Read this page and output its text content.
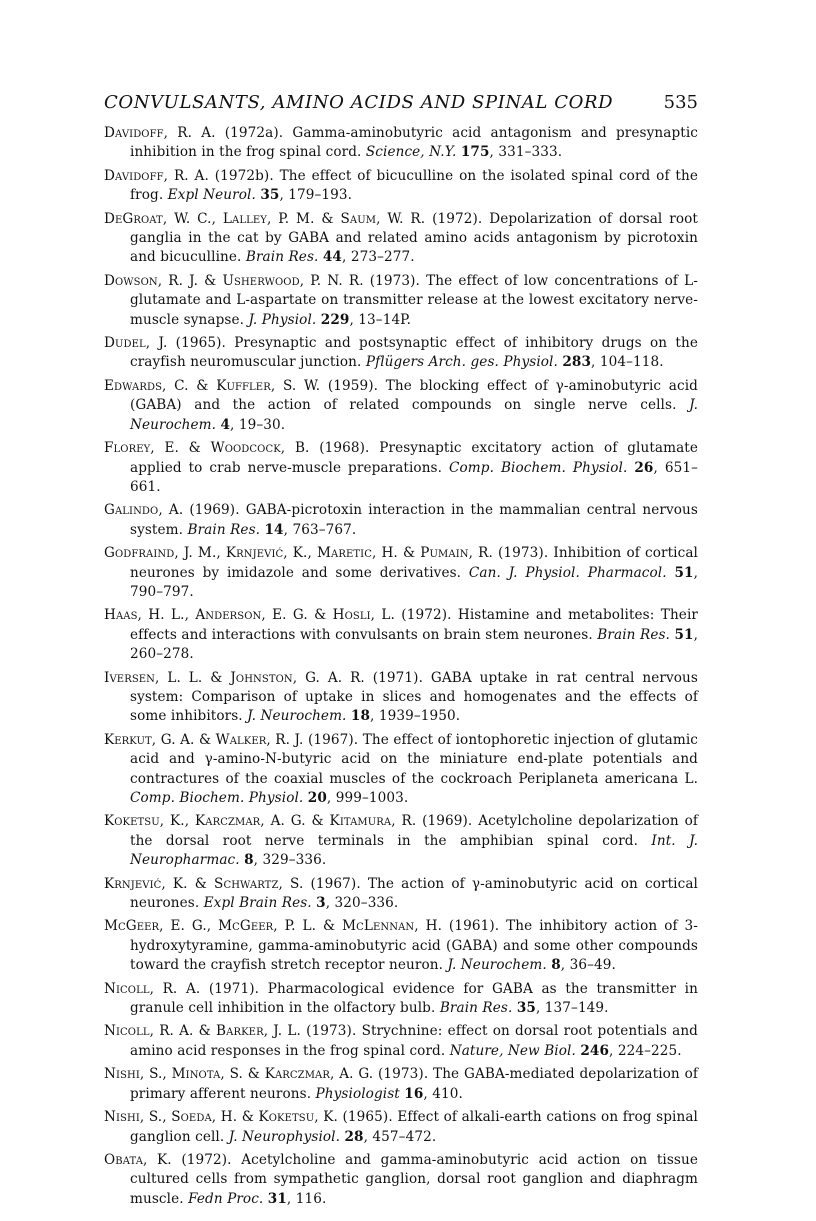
CONVULSANTS, AMINO ACIDS AND SPINAL CORD	535
Davidoff, R. A. (1972a). Gamma-aminobutyric acid antagonism and presynaptic inhibition in the frog spinal cord. Science, N.Y. 175, 331–333.
Davidoff, R. A. (1972b). The effect of bicuculline on the isolated spinal cord of the frog. Expl Neurol. 35, 179–193.
DeGroat, W. C., Lalley, P. M. & Saum, W. R. (1972). Depolarization of dorsal root ganglia in the cat by GABA and related amino acids antagonism by picrotoxin and bicuculline. Brain Res. 44, 273–277.
Dowson, R. J. & Usherwood, P. N. R. (1973). The effect of low concentrations of L-glutamate and L-aspartate on transmitter release at the lowest excitatory nerve-muscle synapse. J. Physiol. 229, 13–14P.
Dudel, J. (1965). Presynaptic and postsynaptic effect of inhibitory drugs on the crayfish neuromuscular junction. Pflügers Arch. ges. Physiol. 283, 104–118.
Edwards, C. & Kuffler, S. W. (1959). The blocking effect of γ-aminobutyric acid (GABA) and the action of related compounds on single nerve cells. J. Neurochem. 4, 19–30.
Florey, E. & Woodcock, B. (1968). Presynaptic excitatory action of glutamate applied to crab nerve-muscle preparations. Comp. Biochem. Physiol. 26, 651–661.
Galindo, A. (1969). GABA-picrotoxin interaction in the mammalian central nervous system. Brain Res. 14, 763–767.
Godfraind, J. M., Krnjević, K., Maretic, H. & Pumain, R. (1973). Inhibition of cortical neurones by imidazole and some derivatives. Can. J. Physiol. Pharmacol. 51, 790–797.
Haas, H. L., Anderson, E. G. & Hosli, L. (1972). Histamine and metabolites: Their effects and interactions with convulsants on brain stem neurones. Brain Res. 51, 260–278.
Iversen, L. L. & Johnston, G. A. R. (1971). GABA uptake in rat central nervous system: Comparison of uptake in slices and homogenates and the effects of some inhibitors. J. Neurochem. 18, 1939–1950.
Kerkut, G. A. & Walker, R. J. (1967). The effect of iontophoretic injection of glutamic acid and γ-amino-N-butyric acid on the miniature end-plate potentials and contractures of the coaxial muscles of the cockroach Periplaneta americana L. Comp. Biochem. Physiol. 20, 999–1003.
Koketsu, K., Karczmar, A. G. & Kitamura, R. (1969). Acetylcholine depolarization of the dorsal root nerve terminals in the amphibian spinal cord. Int. J. Neuropharmac. 8, 329–336.
Krnjević, K. & Schwartz, S. (1967). The action of γ-aminobutyric acid on cortical neurones. Expl Brain Res. 3, 320–336.
McGeer, E. G., McGeer, P. L. & McLennan, H. (1961). The inhibitory action of 3-hydroxytyramine, gamma-aminobutyric acid (GABA) and some other compounds toward the crayfish stretch receptor neuron. J. Neurochem. 8, 36–49.
Nicoll, R. A. (1971). Pharmacological evidence for GABA as the transmitter in granule cell inhibition in the olfactory bulb. Brain Res. 35, 137–149.
Nicoll, R. A. & Barker, J. L. (1973). Strychnine: effect on dorsal root potentials and amino acid responses in the frog spinal cord. Nature, New Biol. 246, 224–225.
Nishi, S., Minota, S. & Karczmar, A. G. (1973). The GABA-mediated depolarization of primary afferent neurons. Physiologist 16, 410.
Nishi, S., Soeda, H. & Koketsu, K. (1965). Effect of alkali-earth cations on frog spinal ganglion cell. J. Neurophysiol. 28, 457–472.
Obata, K. (1972). Acetylcholine and gamma-aminobutyric acid action on tissue cultured cells from sympathetic ganglion, dorsal root ganglion and diaphragm muscle. Fedn Proc. 31, 116.
